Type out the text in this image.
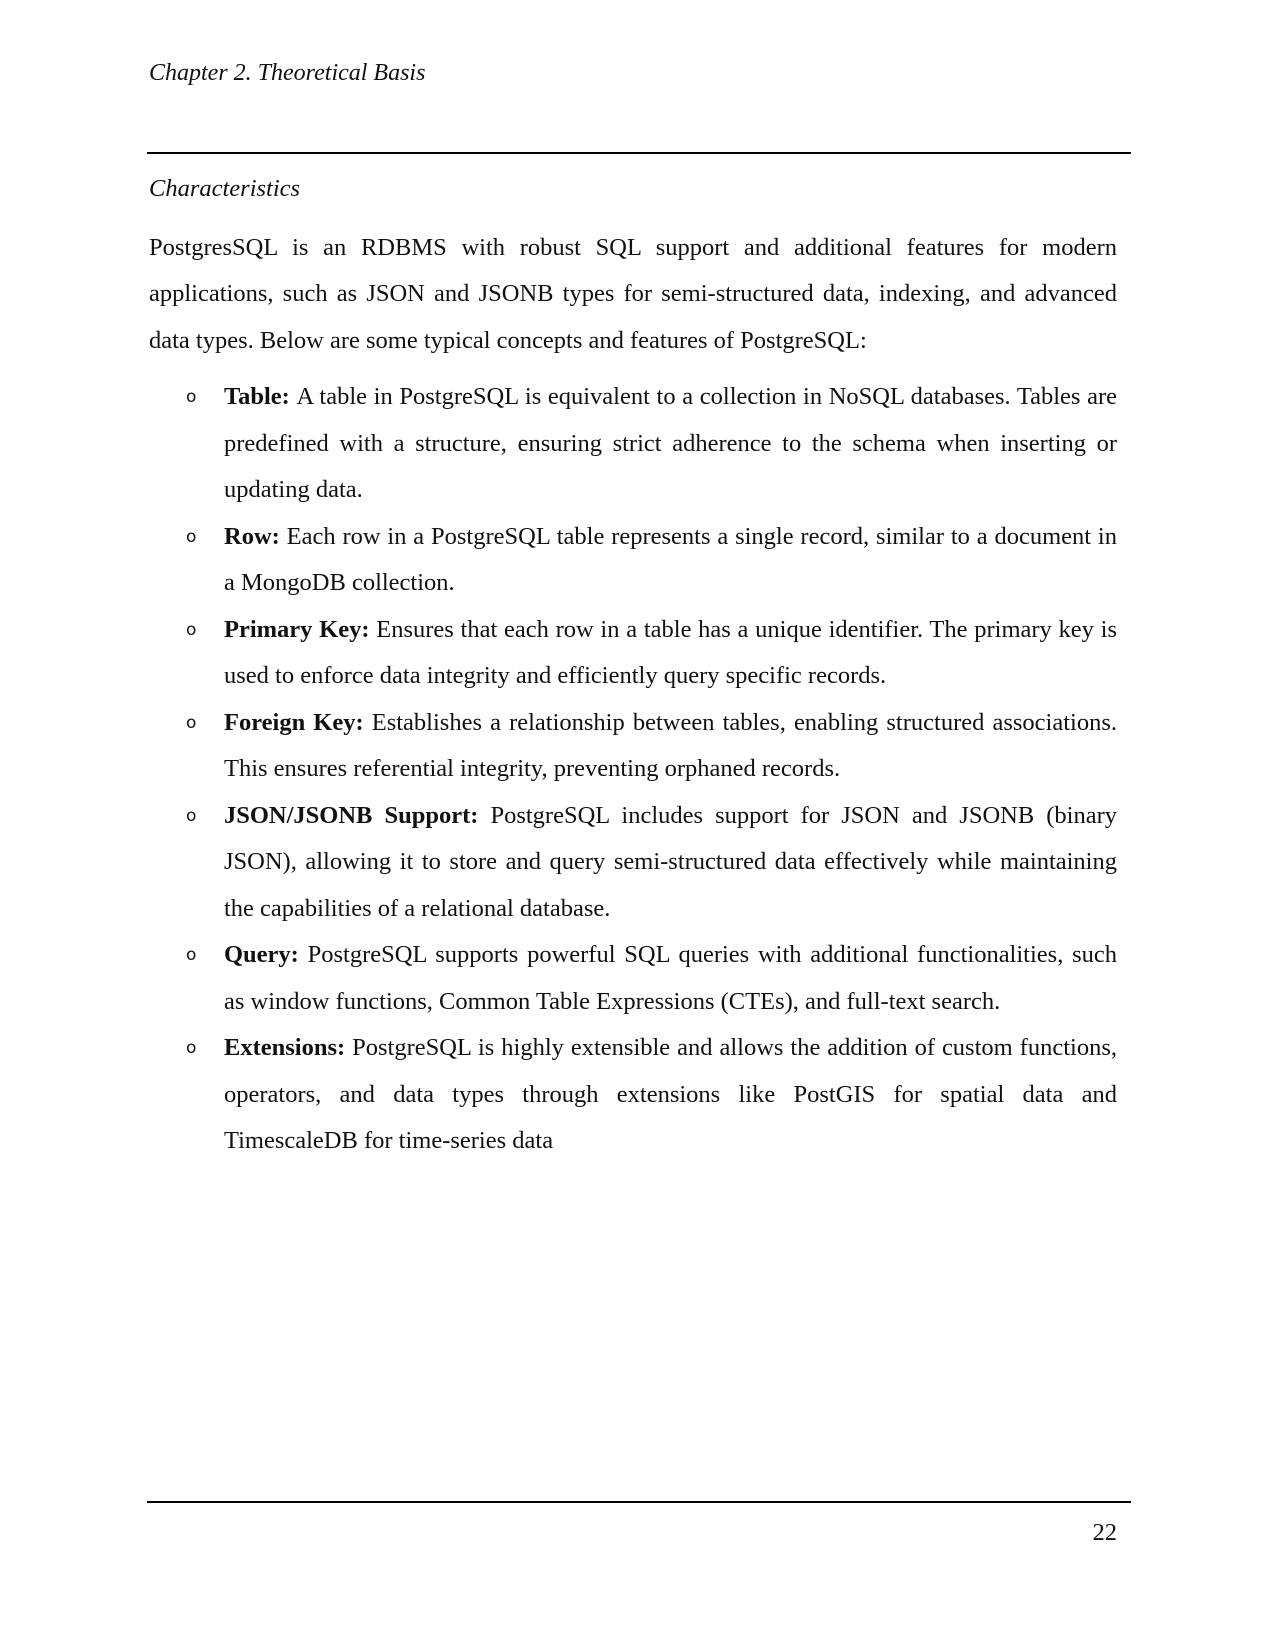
Chapter 2. Theoretical Basis
Characteristics

PostgresSQL is an RDBMS with robust SQL support and additional features for modern applications, such as JSON and JSONB types for semi-structured data, indexing, and advanced data types. Below are some typical concepts and features of PostgreSQL:

o Table: A table in PostgreSQL is equivalent to a collection in NoSQL databases. Tables are predefined with a structure, ensuring strict adherence to the schema when inserting or updating data.
o Row: Each row in a PostgreSQL table represents a single record, similar to a document in a MongoDB collection.
o Primary Key: Ensures that each row in a table has a unique identifier. The primary key is used to enforce data integrity and efficiently query specific records.
o Foreign Key: Establishes a relationship between tables, enabling structured associations. This ensures referential integrity, preventing orphaned records.
o JSON/JSONB Support: PostgreSQL includes support for JSON and JSONB (binary JSON), allowing it to store and query semi-structured data effectively while maintaining the capabilities of a relational database.
o Query: PostgreSQL supports powerful SQL queries with additional functionalities, such as window functions, Common Table Expressions (CTEs), and full-text search.
o Extensions: PostgreSQL is highly extensible and allows the addition of custom functions, operators, and data types through extensions like PostGIS for spatial data and TimescaleDB for time-series data
22
